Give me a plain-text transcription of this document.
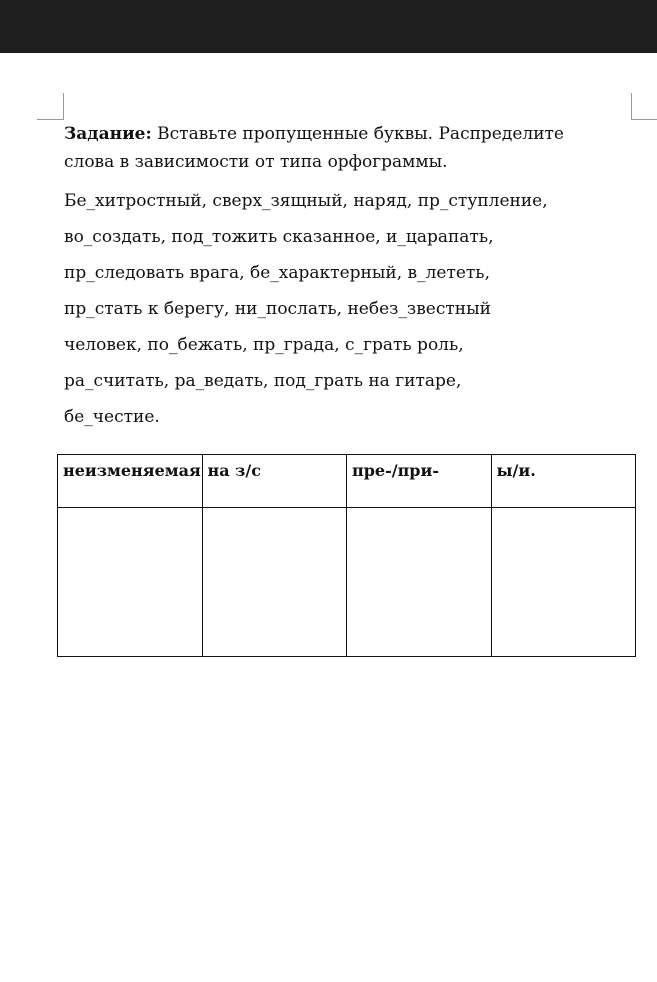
Задание: Вставьте пропущенные буквы. Распределите слова в зависимости от типа орфограммы.

Бе_хитростный, сверх_зящный, наряд, пр_ступление,
во_создать, под_тожить сказанное, и_царапать,
пр_следовать врага, бе_характерный, в_лететь,
пр_стать к берегу, ни_послать, небез_звестный
человек, по_бежать, пр_града, с_грать роль,
ра_считать, ра_ведать, под_грать на гитаре,
бе_честие.
неизменяемая	на з/с	пре-/при-	ы/и.
